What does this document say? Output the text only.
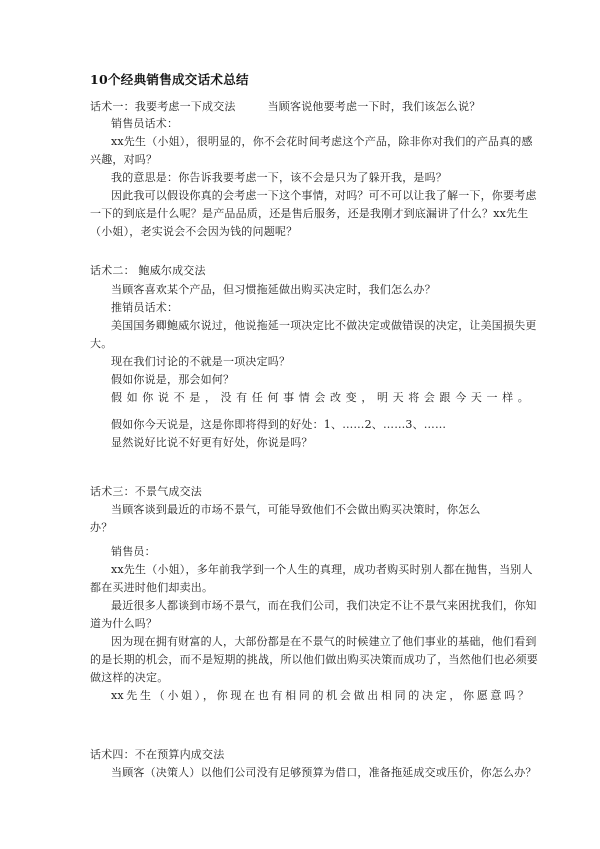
10个经典销售成交话术总结
话术一：我要考虑一下成交法	当顾客说他要考虑一下时，我们该怎么说？
销售员话术：
xx先生（小姐），很明显的，你不会花时间考虑这个产品，除非你对我们的产品真的感
兴趣，对吗？
我的意思是：你告诉我要考虑一下，该不会是只为了躲开我，是吗？
因此我可以假设你真的会考虑一下这个事情，对吗？可不可以让我了解一下，你要考虑
一下的到底是什么呢？是产品品质，还是售后服务，还是我刚才到底漏讲了什么？xx先生
（小姐），老实说会不会因为钱的问题呢？
话术二： 鲍威尔成交法
当顾客喜欢某个产品，但习惯拖延做出购买决定时，我们怎么办？
推销员话术：
美国国务卿鲍威尔说过，他说拖延一项决定比不做决定或做错误的决定，让美国损失更
大。
现在我们讨论的不就是一项决定吗？
假如你说是，那会如何？
假如你说不是，没有任何事情会改变，明天将会跟今天一样。
假如你今天说是，这是你即将得到的好处：1、……2、……3、……
显然说好比说不好更有好处，你说是吗？
话术三：不景气成交法
当顾客谈到最近的市场不景气，可能导致他们不会做出购买决策时，你怎么
办？
销售员：
xx先生（小姐），多年前我学到一个人生的真理，成功者购买时别人都在抛售，当别人
都在买进时他们却卖出。
最近很多人都谈到市场不景气，而在我们公司，我们决定不让不景气来困扰我们，你知
道为什么吗？
因为现在拥有财富的人，大部份都是在不景气的时候建立了他们事业的基础，他们看到
的是长期的机会，而不是短期的挑战，所以他们做出购买决策而成功了，当然他们也必须要
做这样的决定。
xx先生（小姐），你现在也有相同的机会做出相同的决定，你愿意吗？
话术四：不在预算内成交法
当顾客（决策人）以他们公司没有足够预算为借口，准备拖延成交或压价，你怎么办？
